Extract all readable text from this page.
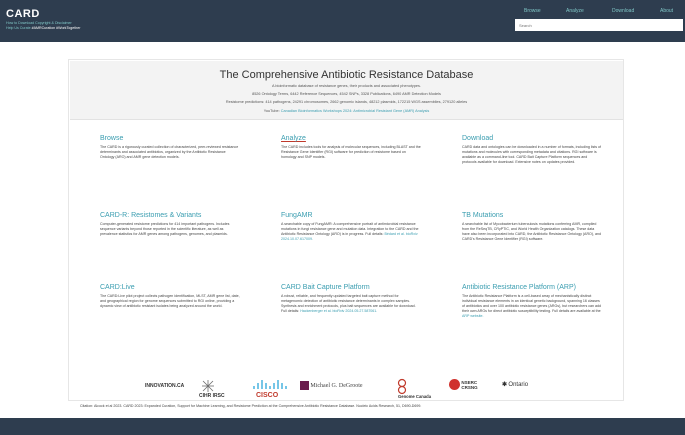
CARD
How to Download Copyright & Disclaimer
Help Us Curate #AMRCuration #WorkTogether
Browse	Analyze	Download	About
Search
The Comprehensive Antibiotic Resistance Database

A bioinformatic database of resistance genes, their products and associated phenotypes.

8526 Ontology Terms, 6442 Reference Sequences, 4542 SNPs, 3328 Publications, 6490 AMR Detection Models

Resistome predictions: 414 pathogens, 24291 chromosomes, 2662 genomic islands, 48212 plasmids, 172215 WGS assemblies, 279120 alleles

YouTube: Canadian Bioinformatics Workshops 2024: Antimicrobial Resistant Gene (AMR) Analysis

Browse

The CARD is a rigorously curated collection of characterized, peer-reviewed resistance determinants and associated antibiotics, organized by the Antibiotic Resistance Ontology (ARO) and AMR gene detection models.

Analyze

The CARD includes tools for analysis of molecular sequences, including BLAST and the Resistance Gene Identifier (RGI) software for prediction of resistome based on homology and SNP models.

Download

CARD data and ontologies can be downloaded in a number of formats, including lists of mutations and molecules with corresponding metadata and citations. RGI software is available as a command-line tool. CARD Bait Capture Platform sequences and protocols available for download. Extensive notes on updates provided.

CARD-R: Resistomes & Variants

Computer-generated resistome predictions for 414 important pathogens. Includes sequence variants beyond those reported in the scientific literature, as well as prevalence statistics for AMR genes among pathogens, genomes, and plasmids.

FungAMR

A searchable copy of FungAMR: A comprehensive portrait of antimicrobial resistance mutations in fungi resistance gene and mutation data. Integration to the CARD and the Antibiotic Resistance Ontology (ARO) is in progress. Full details: Bédard et al. bioRxiv 2024.10.07.617009.

TB Mutations

A searchable list of Mycobacterium tuberculosis mutations conferring AMR, compiled from the ReSeqTB, CRyPTIC, and World Health Organization catalogs. These data have also been incorporated into CARD, the Antibiotic Resistance Ontology (ARO), and CARD's Resistance Gene Identifier (RGI) software.

CARD:Live

The CARD:Live pilot project collects pathogen identification, MLST, AMR gene list, date, and geographical region for genome sequences submitted to RGI online, providing a dynamic view of antibiotic resistant isolates being analyzed around the world.

CARD Bait Capture Platform

A robust, reliable, and frequently updated targeted bait capture method for metagenomic detection of antibiotic resistance determinants in complex samples. Synthesis and enrichment protocols, plus bait sequences are available for download. Full details: Hackenberger et al. bioRxiv 2024.05.27.587061.

Antibiotic Resistance Platform (ARP)

The Antibiotic Resistance Platform is a cell-based array of mechanistically distinct individual resistance elements in an identical genetic background, spanning 16 classes of antibiotics and over 100 antibiotic resistance genes (ARGs), but researchers can add their own ARGs for direct antibiotic susceptibility testing. Full details are available at the ARP website.

INNOVATION.CA
CIHR IRSC	CISCO
Michael G. DeGroote
Genome Canada
NSERC CRSNG	✱ Ontario
Citation: Alcock et al 2023. CARD 2023: Expanded Curation, Support for Machine Learning, and Resistome Prediction at the Comprehensive Antibiotic Resistance Database. Nucleic Acids Research, 51, D690-D699.
